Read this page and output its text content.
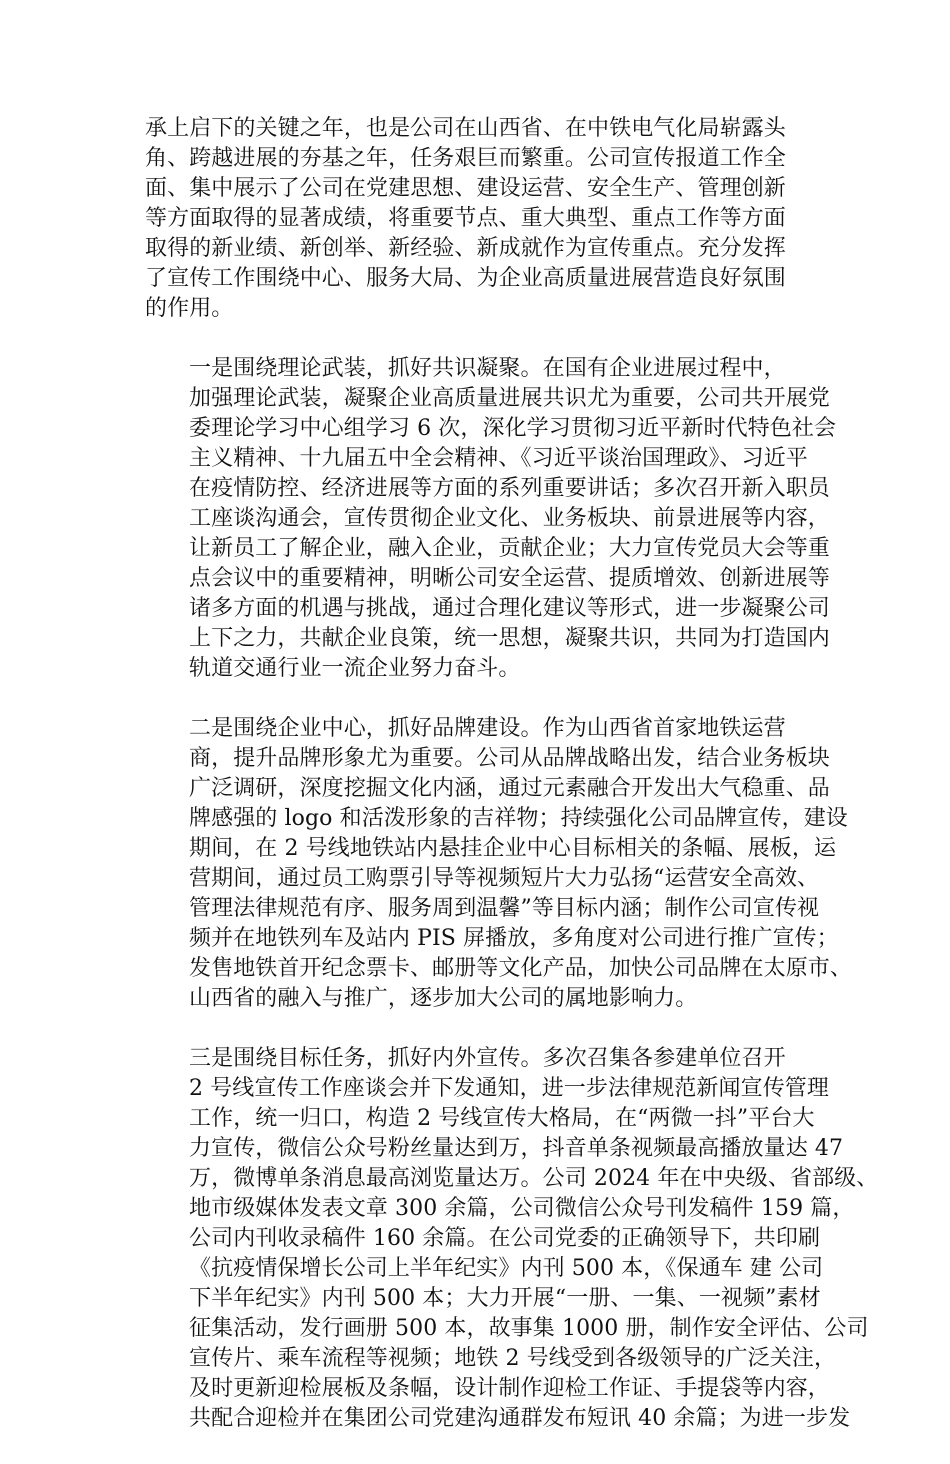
承上启下的关键之年，也是公司在山西省、在中铁电气化局崭露头
角、跨越进展的夯基之年，任务艰巨而繁重。公司宣传报道工作全
面、集中展示了公司在党建思想、建设运营、安全生产、管理创新
等方面取得的显著成绩，将重要节点、重大典型、重点工作等方面
取得的新业绩、新创举、新经验、新成就作为宣传重点。充分发挥
了宣传工作围绕中心、服务大局、为企业高质量进展营造良好氛围
的作用。

一是围绕理论武装，抓好共识凝聚。在国有企业进展过程中，
加强理论武装，凝聚企业高质量进展共识尤为重要，公司共开展党
委理论学习中心组学习 6 次，深化学习贯彻习近平新时代特色社会
主义精神、十九届五中全会精神、《习近平谈治国理政》、习近平
在疫情防控、经济进展等方面的系列重要讲话；多次召开新入职员
工座谈沟通会，宣传贯彻企业文化、业务板块、前景进展等内容，
让新员工了解企业，融入企业，贡献企业；大力宣传党员大会等重
点会议中的重要精神，明晰公司安全运营、提质增效、创新进展等
诸多方面的机遇与挑战，通过合理化建议等形式，进一步凝聚公司
上下之力，共献企业良策，统一思想，凝聚共识，共同为打造国内
轨道交通行业一流企业努力奋斗。

二是围绕企业中心，抓好品牌建设。作为山西省首家地铁运营
商，提升品牌形象尤为重要。公司从品牌战略出发，结合业务板块
广泛调研，深度挖掘文化内涵，通过元素融合开发出大气稳重、品
牌感强的 logo 和活泼形象的吉祥物；持续强化公司品牌宣传，建设
期间，在 2 号线地铁站内悬挂企业中心目标相关的条幅、展板，运
营期间，通过员工购票引导等视频短片大力弘扬“运营安全高效、
管理法律规范有序、服务周到温馨”等目标内涵；制作公司宣传视
频并在地铁列车及站内 PIS 屏播放，多角度对公司进行推广宣传；
发售地铁首开纪念票卡、邮册等文化产品，加快公司品牌在太原市、
山西省的融入与推广，逐步加大公司的属地影响力。

三是围绕目标任务，抓好内外宣传。多次召集各参建单位召开
2 号线宣传工作座谈会并下发通知，进一步法律规范新闻宣传管理
工作，统一归口，构造 2 号线宣传大格局，在“两微一抖”平台大
力宣传，微信公众号粉丝量达到万，抖音单条视频最高播放量达 47
万，微博单条消息最高浏览量达万。公司 2024 年在中央级、省部级、
地市级媒体发表文章 300 余篇，公司微信公众号刊发稿件 159 篇，
公司内刊收录稿件 160 余篇。在公司党委的正确领导下，共印刷
《抗疫情保增长公司上半年纪实》内刊 500 本，《保通车 建 公司
下半年纪实》内刊 500 本；大力开展“一册、一集、一视频”素材
征集活动，发行画册 500 本，故事集 1000 册，制作安全评估、公司
宣传片、乘车流程等视频；地铁 2 号线受到各级领导的广泛关注，
及时更新迎检展板及条幅，设计制作迎检工作证、手提袋等内容，
共配合迎检并在集团公司党建沟通群发布短讯 40 余篇；为进一步发
